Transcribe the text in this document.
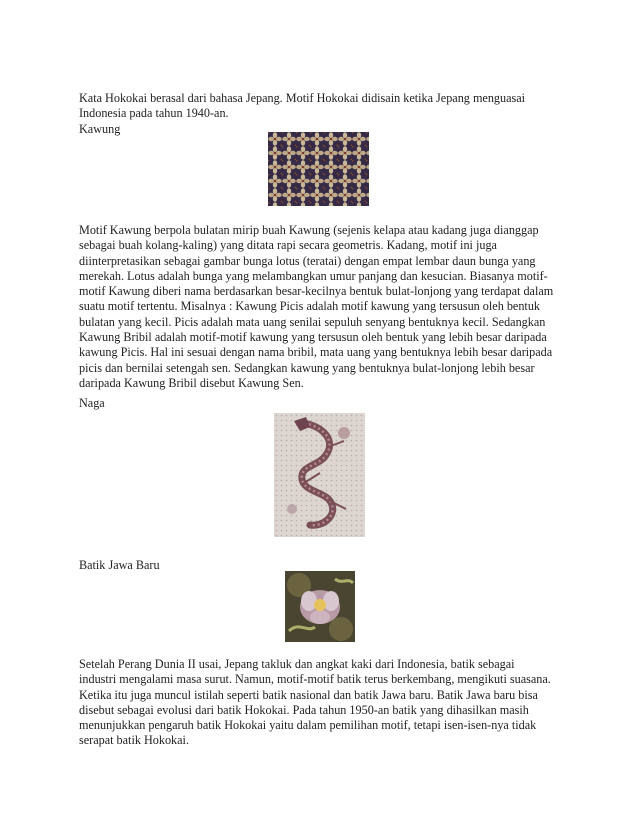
Kata Hokokai berasal dari bahasa Jepang. Motif Hokokai didisain ketika Jepang menguasai
Indonesia pada tahun 1940-an.
Kawung
Motif Kawung berpola bulatan mirip buah Kawung (sejenis kelapa atau kadang juga dianggap
sebagai buah kolang-kaling) yang ditata rapi secara geometris. Kadang, motif ini juga
diinterpretasikan sebagai gambar bunga lotus (teratai) dengan empat lembar daun bunga yang
merekah. Lotus adalah bunga yang melambangkan umur panjang dan kesucian. Biasanya motif-
motif Kawung diberi nama berdasarkan besar-kecilnya bentuk bulat-lonjong yang terdapat dalam
suatu motif tertentu. Misalnya : Kawung Picis adalah motif kawung yang tersusun oleh bentuk
bulatan yang kecil. Picis adalah mata uang senilai sepuluh senyang bentuknya kecil. Sedangkan
Kawung Bribil adalah motif-motif kawung yang tersusun oleh bentuk yang lebih besar daripada
kawung Picis. Hal ini sesuai dengan nama bribil, mata uang yang bentuknya lebih besar daripada
picis dan bernilai setengah sen. Sedangkan kawung yang bentuknya bulat-lonjong lebih besar
daripada Kawung Bribil disebut Kawung Sen.
Naga
Batik Jawa Baru
Setelah Perang Dunia II usai, Jepang takluk dan angkat kaki dari Indonesia, batik sebagai
industri mengalami masa surut. Namun, motif-motif batik terus berkembang, mengikuti suasana.
Ketika itu juga muncul istilah seperti batik nasional dan batik Jawa baru. Batik Jawa baru bisa
disebut sebagai evolusi dari batik Hokokai. Pada tahun 1950-an batik yang dihasilkan masih
menunjukkan pengaruh batik Hokokai yaitu dalam pemilihan motif, tetapi isen-isen-nya tidak
serapat batik Hokokai.
